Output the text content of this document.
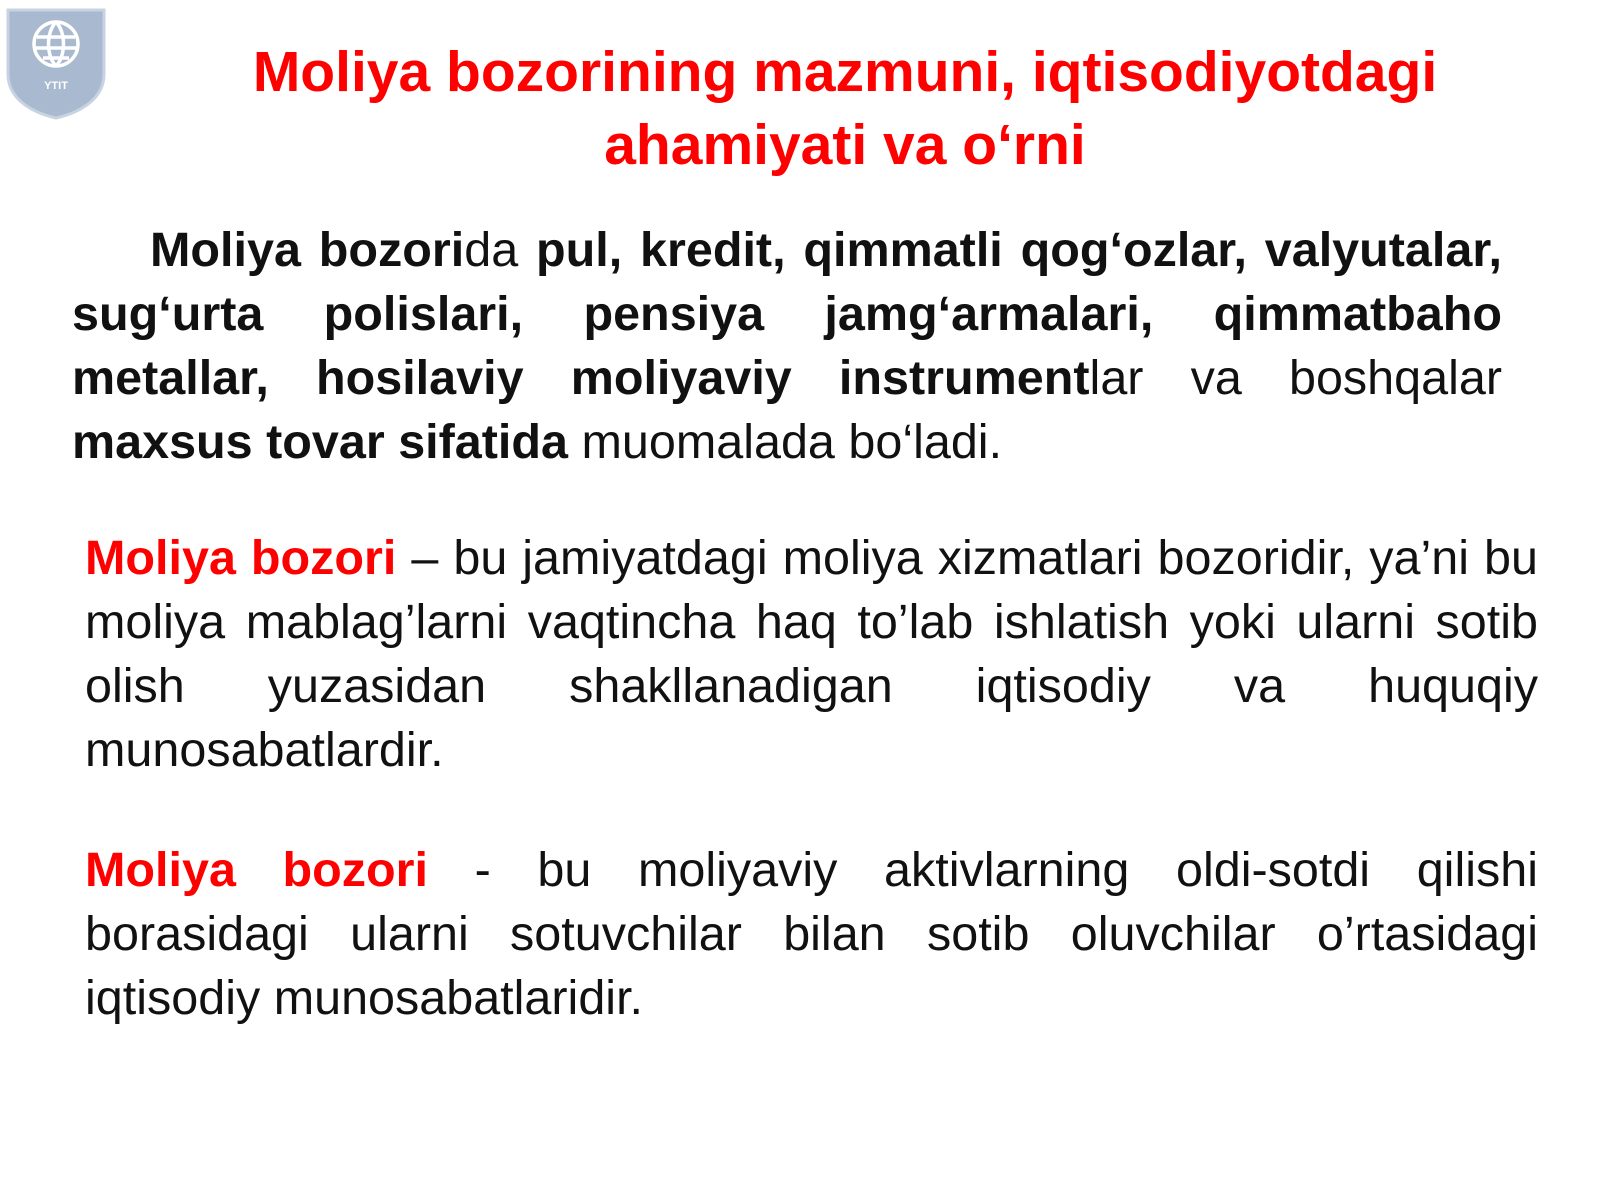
YTIT	Moliya bozorining mazmuni, iqtisodiyotdagi
ahamiyati va o‘rni

Moliya bozorida pul, kredit, qimmatli qog‘ozlar, valyutalar, sug‘urta polislari, pensiya jamg‘armalari, qimmatbaho metallar, hosilaviy moliyaviy instrumentlar va boshqalar maxsus tovar sifatida muomalada bo‘ladi.

Moliya bozori – bu jamiyatdagi moliya xizmatlari bozoridir, ya’ni bu moliya mablag’larni vaqtincha haq to’lab ishlatish yoki ularni sotib olish yuzasidan shakllanadigan iqtisodiy va huquqiy munosabatlardir.

Moliya bozori - bu moliyaviy aktivlarning oldi-sotdi qilishi borasidagi ularni sotuvchilar bilan sotib oluvchilar o’rtasidagi iqtisodiy munosabatlaridir.
